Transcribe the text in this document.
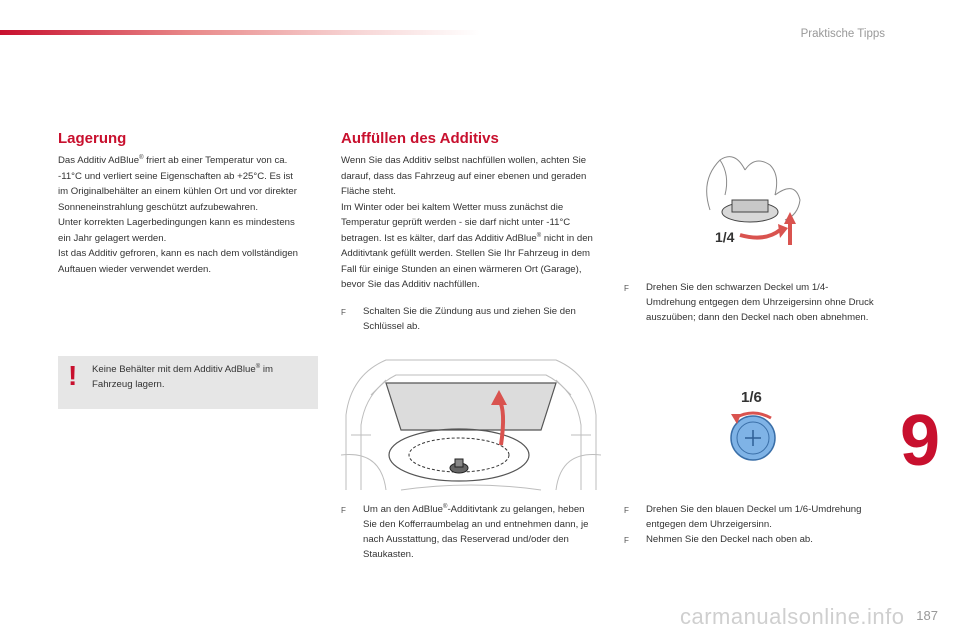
Praktische Tipps
Lagerung

Das Additiv AdBlue® friert ab einer Temperatur von ca. -11°C und verliert seine Eigenschaften ab +25°C. Es ist im Originalbehälter an einem kühlen Ort und vor direkter Sonneneinstrahlung geschützt aufzubewahren.

Unter korrekten Lagerbedingungen kann es mindestens ein Jahr gelagert werden.

Ist das Additiv gefroren, kann es nach dem vollständigen Auftauen wieder verwendet werden.

! Keine Behälter mit dem Additiv AdBlue® im Fahrzeug lagern.
Auffüllen des Additivs

Wenn Sie das Additiv selbst nachfüllen wollen, achten Sie darauf, dass das Fahrzeug auf einer ebenen und geraden Fläche steht.

Im Winter oder bei kaltem Wetter muss zunächst die Temperatur geprüft werden - sie darf nicht unter -11°C betragen. Ist es kälter, darf das Additiv AdBlue® nicht in den Additivtank gefüllt werden. Stellen Sie Ihr Fahrzeug in dem Fall für einige Stunden an einen wärmeren Ort (Garage), bevor Sie das Additiv nachfüllen.

F	Schalten Sie die Zündung aus und ziehen Sie den Schlüssel ab.
F	Um an den AdBlue®-Additivtank zu gelangen, heben Sie den Kofferraumbelag an und entnehmen dann, je nach Ausstattung, das Reserverad und/oder den Staukasten.
1/4
F	Drehen Sie den schwarzen Deckel um 1/4-Umdrehung entgegen dem Uhrzeigersinn ohne Druck auszuüben; dann den Deckel nach oben abnehmen.
1/6
F	Drehen Sie den blauen Deckel um 1/6-Umdrehung entgegen dem Uhrzeigersinn.
F	Nehmen Sie den Deckel nach oben ab.
9
carmanualsonline.info 187
